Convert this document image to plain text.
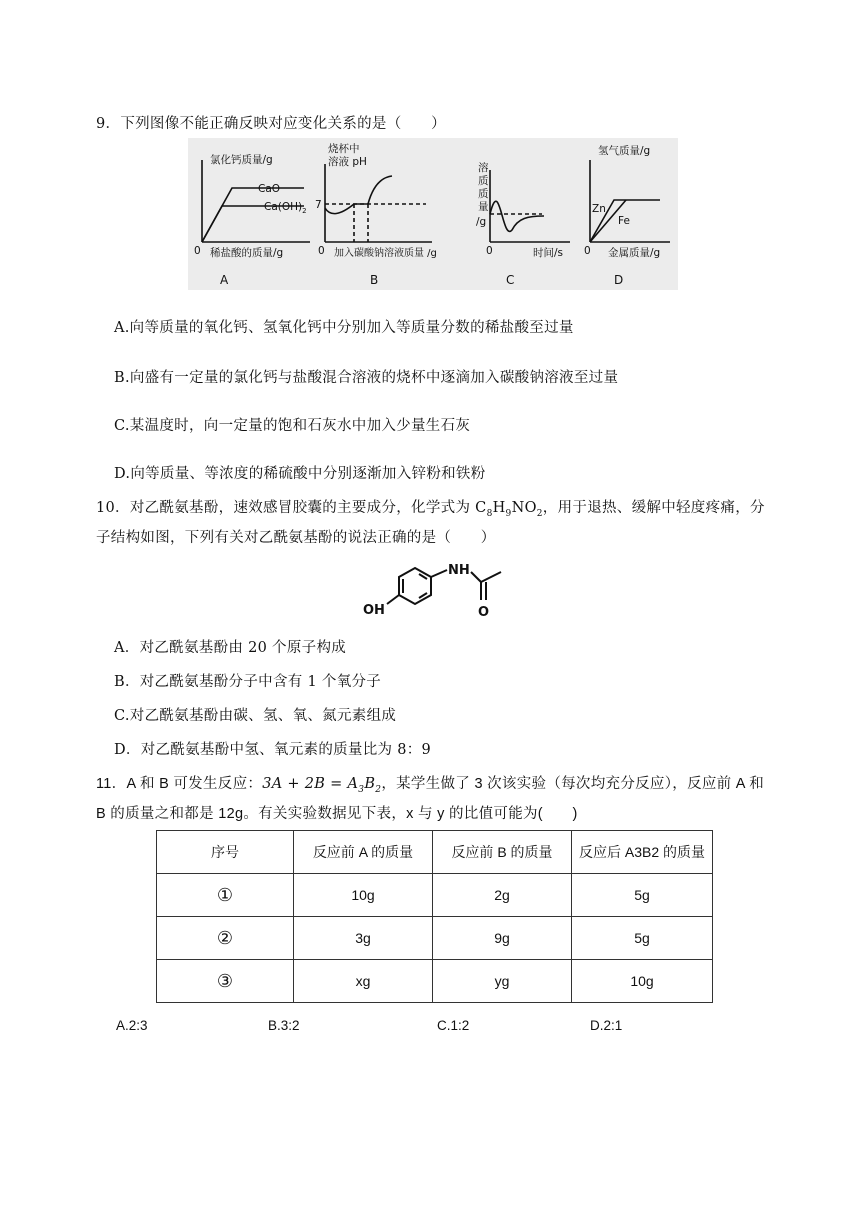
9．下列图像不能正确反映对应变化关系的是（　　）
氯化钙质量/g
CaO
$Ca(OH)_2$
0 稀盐酸的质量/g
A
烧杯中
溶液 pH
7
0 加入碳酸钠溶液质量 /g
B
溶
质
质
量
/g
0	时间/s
C
氢气质量/g
Zn
Fe
0 金属质量/g
D
A.向等质量的氧化钙、氢氧化钙中分别加入等质量分数的稀盐酸至过量
B.向盛有一定量的氯化钙与盐酸混合溶液的烧杯中逐滴加入碳酸钠溶液至过量
C.某温度时，向一定量的饱和石灰水中加入少量生石灰
D.向等质量、等浓度的稀硫酸中分别逐渐加入锌粉和铁粉
10．对乙酰氨基酚，速效感冒胶囊的主要成分，化学式为 $C_8H_9NO_2$，用于退热、缓解中轻度疼痛，分
子结构如图，下列有关对乙酰氨基酚的说法正确的是（　　）
OH
NH
O
A．对乙酰氨基酚由 20 个原子构成
B．对乙酰氨基酚分子中含有 1 个氧分子
C.对乙酰氨基酚由碳、氢、氧、氮元素组成
D．对乙酰氨基酚中氢、氧元素的质量比为 8：9
11．A 和 B 可发生反应：$3A + 2B = A_3B_2$，某学生做了 3 次该实验（每次均充分反应），反应前 A 和
B 的质量之和都是 12g。有关实验数据见下表，x 与 y 的比值可能为(　　)
序号	反应前 A 的质量	反应前 B 的质量	反应后 A3B2 的质量
①	10g	2g	5g
②	3g	9g	5g
③	xg	yg	10g
A.2:3	B.3:2	C.1:2	D.2:1
